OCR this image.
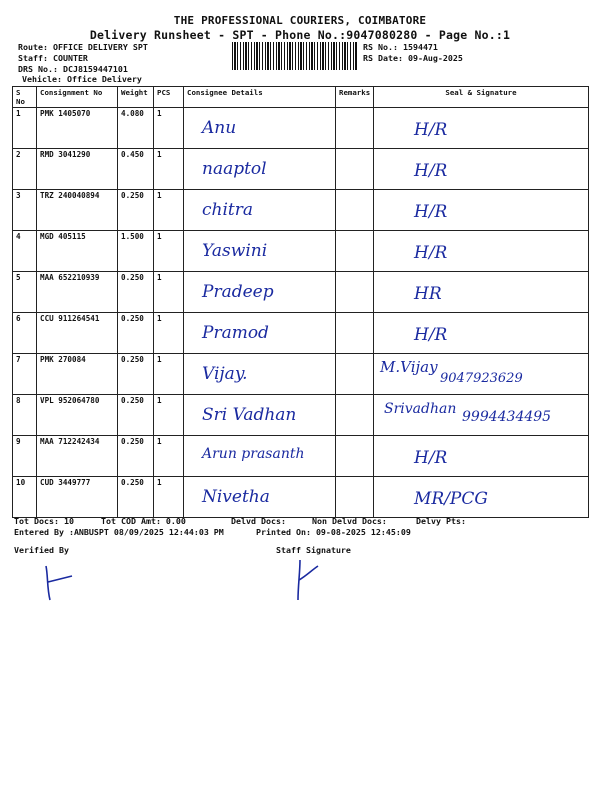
THE PROFESSIONAL COURIERS, COIMBATORE
Delivery Runsheet - SPT - Phone No.:9047080280 - Page No.:1
Route: OFFICE DELIVERY SPT
Staff: COUNTER
DRS No.: DCJ8159447101
Vehicle: Office Delivery
RS No.: 1594471
RS Date: 09-Aug-2025
S No	Consignment No	Weight	PCS	Consignee Details	Remarks	Seal & Signature
1	PMK 1405070	4.080	1	Anu		H/R

2	RMD 3041290	0.450	1	naaptol		H/R

3	TRZ 240040894	0.250	1	chitra		H/R

4	MGD 405115	1.500	1	Yaswini		H/R

5	MAA 652210939	0.250	1	Pradeep		HR

6	CCU 911264541	0.250	1	Pramod		H/R

7	PMK 270084	0.250	1	Vijay.		M.Vijay
9047923629

8	VPL 952064780	0.250	1	Sri Vadhan		Srivadhan 9994434495

9	MAA 712242434	0.250	1	Arun prasanth		H/R

10	CUD 3449777	0.250	1	Nivetha		MR/PCG
Tot Docs: 10	Tot COD Amt: 0.00	Delvd Docs:	Non Delvd Docs:	Delvy Pts:
Entered By :ANBUSPT 08/09/2025 12:44:03 PM	Printed On: 09-08-2025 12:45:09
Verified By	Staff Signature
